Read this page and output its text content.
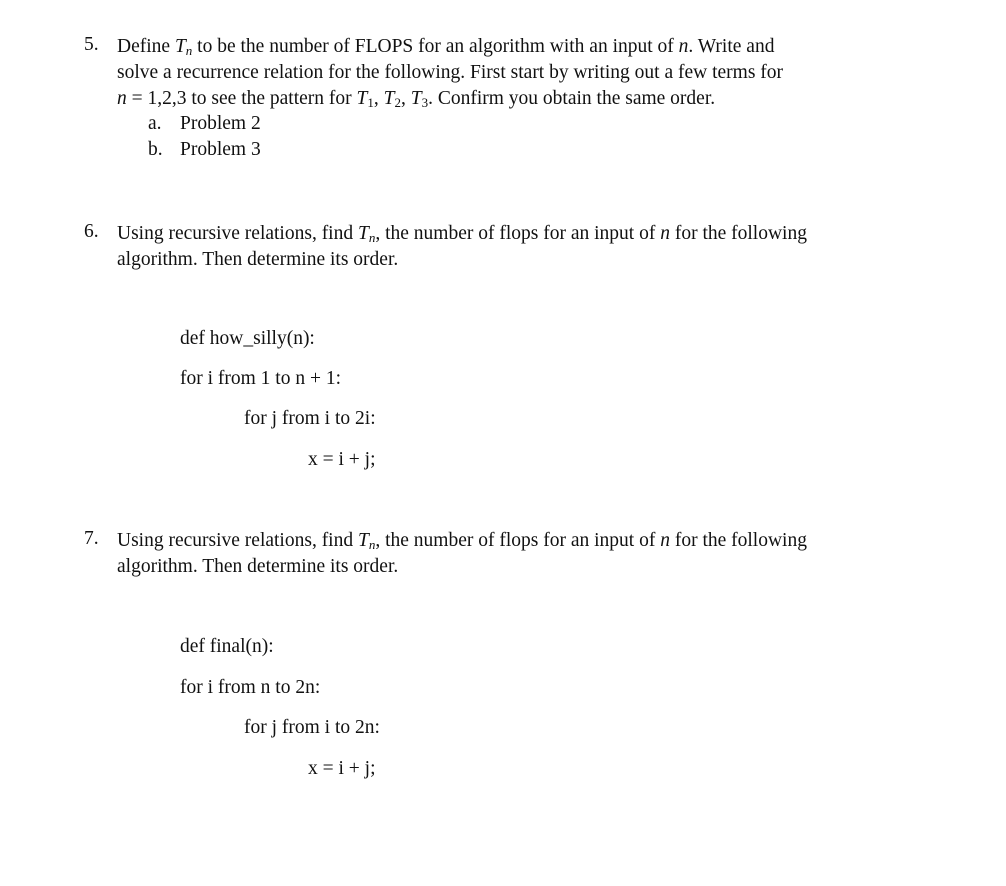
5. Define $T_n$ to be the number of FLOPS for an algorithm with an input of n. Write and
solve a recurrence relation for the following. First start by writing out a few terms for
n = 1,2,3 to see the pattern for $T_1$, $T_2$, $T_3$. Confirm you obtain the same order.
a. Problem 2
b. Problem 3
6. Using recursive relations, find $T_n$, the number of flops for an input of n for the following
algorithm. Then determine its order.
def how_silly(n):
for i from 1 to n + 1:
for j from i to 2i:
x = i + j;
7. Using recursive relations, find $T_n$, the number of flops for an input of n for the following
algorithm. Then determine its order.
def final(n):
for i from n to 2n:
for j from i to 2n:
x = i + j;
